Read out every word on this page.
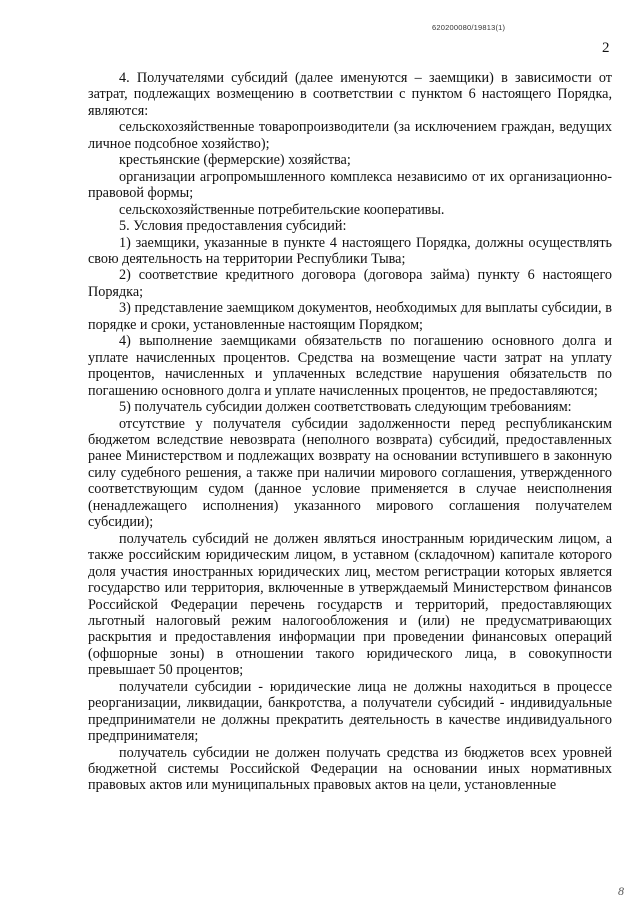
620200080/19813(1)
2

4. Получателями субсидий (далее именуются – заемщики) в зависимости от затрат, подлежащих возмещению в соответствии с пунктом 6 настоящего Порядка, являются:

сельскохозяйственные товаропроизводители (за исключением граждан, ведущих личное подсобное хозяйство);

крестьянские (фермерские) хозяйства;

организации агропромышленного комплекса независимо от их организационно-правовой формы;

сельскохозяйственные потребительские кооперативы.

5. Условия предоставления субсидий:

1) заемщики, указанные в пункте 4 настоящего Порядка, должны осуществлять свою деятельность на территории Республики Тыва;

2) соответствие кредитного договора (договора займа) пункту 6 настоящего Порядка;

3) представление заемщиком документов, необходимых для выплаты субсидии, в порядке и сроки, установленные настоящим Порядком;

4) выполнение заемщиками обязательств по погашению основного долга и уплате начисленных процентов. Средства на возмещение части затрат на уплату процентов, начисленных и уплаченных вследствие нарушения обязательств по погашению основного долга и уплате начисленных процентов, не предоставляются;

5) получатель субсидии должен соответствовать следующим требованиям:

отсутствие у получателя субсидии задолженности перед республиканским бюджетом вследствие невозврата (неполного возврата) субсидий, предоставленных ранее Министерством и подлежащих возврату на основании вступившего в законную силу судебного решения, а также при наличии мирового соглашения, утвержденного соответствующим судом (данное условие применяется в случае неисполнения (ненадлежащего исполнения) указанного мирового соглашения получателем субсидии);

получатель субсидий не должен являться иностранным юридическим лицом, а также российским юридическим лицом, в уставном (складочном) капитале которого доля участия иностранных юридических лиц, местом регистрации которых является государство или территория, включенные в утверждаемый Министерством финансов Российской Федерации перечень государств и территорий, предоставляющих льготный налоговый режим налогообложения и (или) не предусматривающих раскрытия и предоставления информации при проведении финансовых операций (офшорные зоны) в отношении такого юридического лица, в совокупности превышает 50 процентов;

получатели субсидии - юридические лица не должны находиться в процессе реорганизации, ликвидации, банкротства, а получатели субсидий - индивидуальные предприниматели не должны прекратить деятельность в качестве индивидуального предпринимателя;

получатель субсидии не должен получать средства из бюджетов всех уровней бюджетной системы Российской Федерации на основании иных нормативных правовых актов или муниципальных правовых актов на цели, установленные

8
